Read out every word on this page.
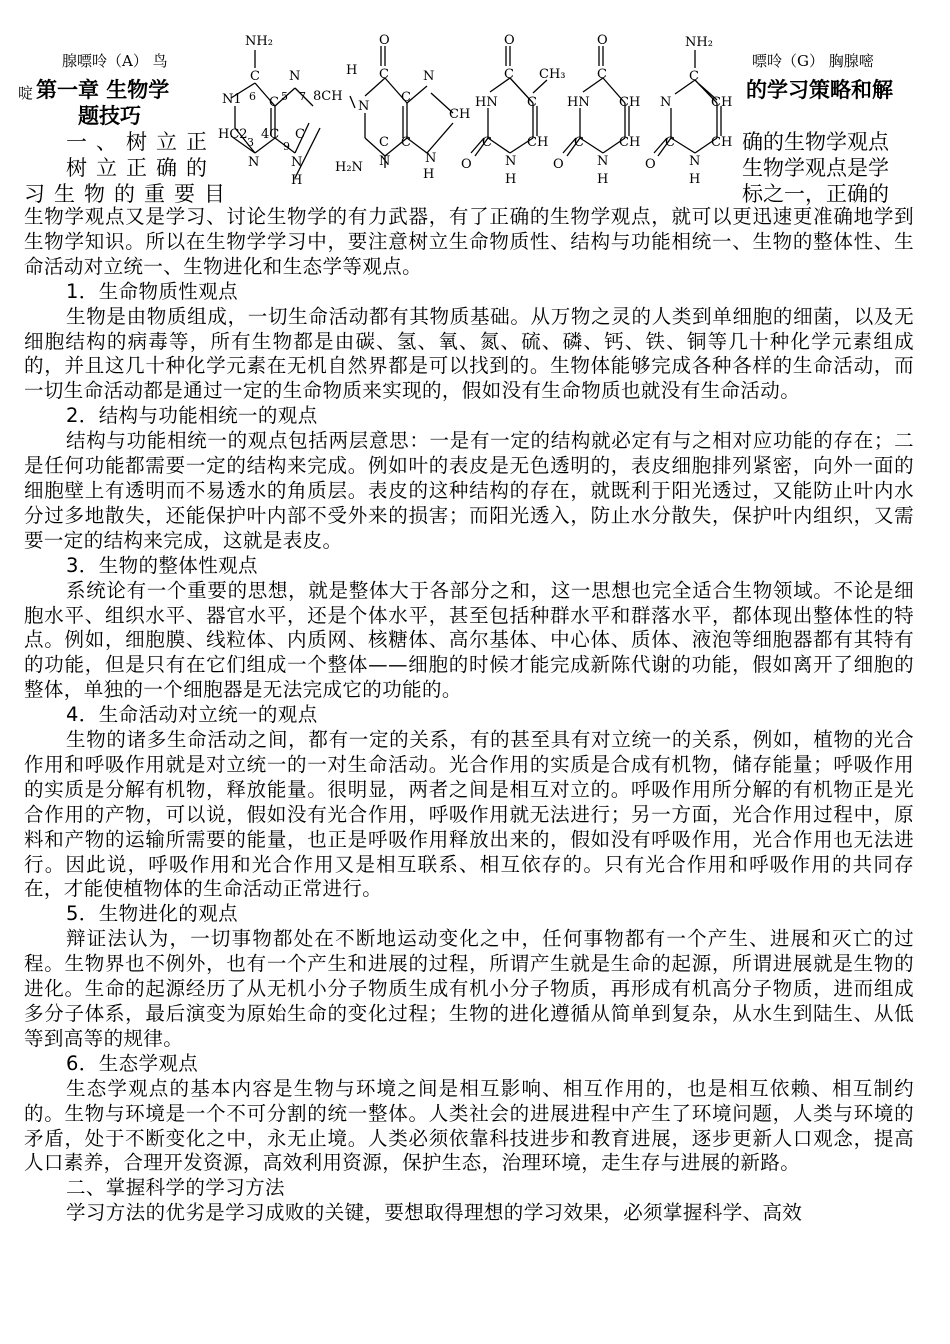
腺嘌呤（A） 鸟
啶
嘌呤（G） 胸腺嘧
第一章 生物学	的学习策略和解
题技巧
一、树立正	确的生物学观点
树立正确的	生物学观点是学
习生物的重要目	标之一，正确的
NH₂
C N
C
6 5 7 8CH
N1
HC2
3
4C C
N
9
N
H
O
C
H
N
C
N
CH
C C
N
H₂N N
H
O
C CH₃
HN C
C	CH
O	N
H
O
C
HN CH
C	CH
O	N
H
NH₂
C
N	CH
C	CH
O	N
H

生物学观点又是学习、讨论生物学的有力武器，有了正确的生物学观点，就可以更迅速更准确地学到生物学知识。所以在生物学学习中，要注意树立生命物质性、结构与功能相统一、生物的整体性、生命活动对立统一、生物进化和生态学等观点。

1．生命物质性观点

生物是由物质组成，一切生命活动都有其物质基础。从万物之灵的人类到单细胞的细菌，以及无细胞结构的病毒等，所有生物都是由碳、氢、氧、氮、硫、磷、钙、铁、铜等几十种化学元素组成的，并且这几十种化学元素在无机自然界都是可以找到的。生物体能够完成各种各样的生命活动，而一切生命活动都是通过一定的生命物质来实现的，假如没有生命物质也就没有生命活动。

2．结构与功能相统一的观点

结构与功能相统一的观点包括两层意思：一是有一定的结构就必定有与之相对应功能的存在；二是任何功能都需要一定的结构来完成。例如叶的表皮是无色透明的，表皮细胞排列紧密，向外一面的细胞壁上有透明而不易透水的角质层。表皮的这种结构的存在，就既利于阳光透过，又能防止叶内水分过多地散失，还能保护叶内部不受外来的损害；而阳光透入，防止水分散失，保护叶内组织，又需要一定的结构来完成，这就是表皮。

3．生物的整体性观点

系统论有一个重要的思想，就是整体大于各部分之和，这一思想也完全适合生物领域。不论是细胞水平、组织水平、器官水平，还是个体水平，甚至包括种群水平和群落水平，都体现出整体性的特点。例如，细胞膜、线粒体、内质网、核糖体、高尔基体、中心体、质体、液泡等细胞器都有其特有的功能，但是只有在它们组成一个整体——细胞的时候才能完成新陈代谢的功能，假如离开了细胞的整体，单独的一个细胞器是无法完成它的功能的。

4．生命活动对立统一的观点

生物的诸多生命活动之间，都有一定的关系，有的甚至具有对立统一的关系，例如，植物的光合作用和呼吸作用就是对立统一的一对生命活动。光合作用的实质是合成有机物，储存能量；呼吸作用的实质是分解有机物，释放能量。很明显，两者之间是相互对立的。呼吸作用所分解的有机物正是光合作用的产物，可以说，假如没有光合作用，呼吸作用就无法进行；另一方面，光合作用过程中，原料和产物的运输所需要的能量，也正是呼吸作用释放出来的，假如没有呼吸作用，光合作用也无法进行。因此说，呼吸作用和光合作用又是相互联系、相互依存的。只有光合作用和呼吸作用的共同存在，才能使植物体的生命活动正常进行。

5．生物进化的观点

辩证法认为，一切事物都处在不断地运动变化之中，任何事物都有一个产生、进展和灭亡的过程。生物界也不例外，也有一个产生和进展的过程，所谓产生就是生命的起源，所谓进展就是生物的进化。生命的起源经历了从无机小分子物质生成有机小分子物质，再形成有机高分子物质，进而组成多分子体系，最后演变为原始生命的变化过程；生物的进化遵循从简单到复杂，从水生到陆生、从低等到高等的规律。

6．生态学观点

生态学观点的基本内容是生物与环境之间是相互影响、相互作用的，也是相互依赖、相互制约的。生物与环境是一个不可分割的统一整体。人类社会的进展进程中产生了环境问题，人类与环境的矛盾，处于不断变化之中，永无止境。人类必须依靠科技进步和教育进展，逐步更新人口观念，提高人口素养，合理开发资源，高效利用资源，保护生态，治理环境，走生存与进展的新路。

二、掌握科学的学习方法

学习方法的优劣是学习成败的关键，要想取得理想的学习效果，必须掌握科学、高效
